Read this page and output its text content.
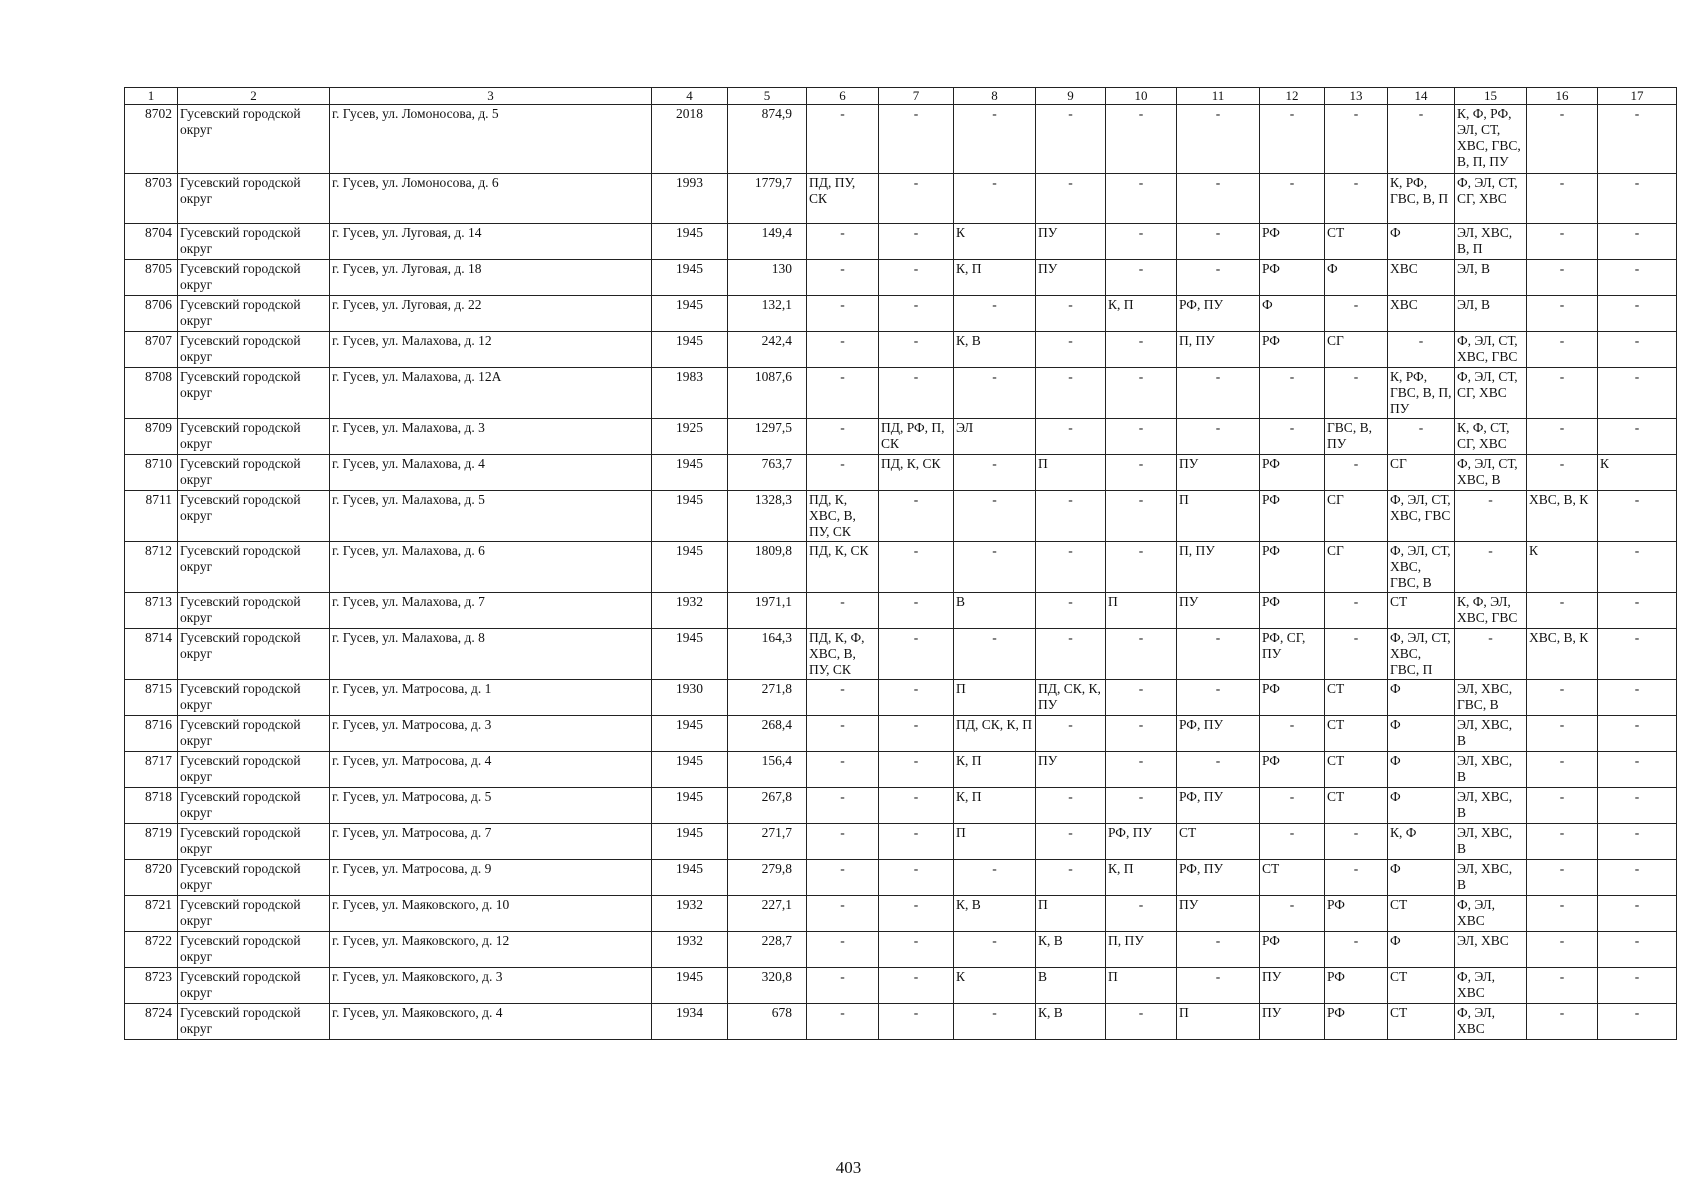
1	2	3	4	5	6	7	8	9	10	11	12	13	14	15	16	17
8702	Гусевский городской округ	г. Гусев, ул. Ломоносова, д. 5	2018	874,9	-	-	-	-	-	-	-	-	-	К, Ф, РФ, ЭЛ, СТ, ХВС, ГВС, В, П, ПУ	-	-
8703	Гусевский городской округ	г. Гусев, ул. Ломоносова, д. 6	1993	1779,7	ПД, ПУ, СК	-	-	-	-	-	-	-	К, РФ, ГВС, В, П	Ф, ЭЛ, СТ, СГ, ХВС	-	-
8704	Гусевский городской округ	г. Гусев, ул. Луговая, д. 14	1945	149,4	-	-	К	ПУ	-	-	РФ	СТ	Ф	ЭЛ, ХВС, В, П	-	-
8705	Гусевский городской округ	г. Гусев, ул. Луговая, д. 18	1945	130	-	-	К, П	ПУ	-	-	РФ	Ф	ХВС	ЭЛ, В	-	-
8706	Гусевский городской округ	г. Гусев, ул. Луговая, д. 22	1945	132,1	-	-	-	-	К, П	РФ, ПУ	Ф	-	ХВС	ЭЛ, В	-	-
8707	Гусевский городской округ	г. Гусев, ул. Малахова, д. 12	1945	242,4	-	-	К, В	-	-	П, ПУ	РФ	СГ	-	Ф, ЭЛ, СТ, ХВС, ГВС	-	-
8708	Гусевский городской округ	г. Гусев, ул. Малахова, д. 12А	1983	1087,6	-	-	-	-	-	-	-	-	К, РФ, ГВС, В, П, ПУ	Ф, ЭЛ, СТ, СГ, ХВС	-	-
8709	Гусевский городской округ	г. Гусев, ул. Малахова, д. 3	1925	1297,5	-	ПД, РФ, П, СК	ЭЛ	-	-	-	-	ГВС, В, ПУ	-	К, Ф, СТ, СГ, ХВС	-	-
8710	Гусевский городской округ	г. Гусев, ул. Малахова, д. 4	1945	763,7	-	ПД, К, СК	-	П	-	ПУ	РФ	-	СГ	Ф, ЭЛ, СТ, ХВС, В	-	К
8711	Гусевский городской округ	г. Гусев, ул. Малахова, д. 5	1945	1328,3	ПД, К, ХВС, В, ПУ, СК	-	-	-	-	П	РФ	СГ	Ф, ЭЛ, СТ, ХВС, ГВС	-	ХВС, В, К	-
8712	Гусевский городской округ	г. Гусев, ул. Малахова, д. 6	1945	1809,8	ПД, К, СК	-	-	-	-	П, ПУ	РФ	СГ	Ф, ЭЛ, СТ, ХВС, ГВС, В	-	К	-
8713	Гусевский городской округ	г. Гусев, ул. Малахова, д. 7	1932	1971,1	-	-	В	-	П	ПУ	РФ	-	СТ	К, Ф, ЭЛ, ХВС, ГВС	-	-
8714	Гусевский городской округ	г. Гусев, ул. Малахова, д. 8	1945	164,3	ПД, К, Ф, ХВС, В, ПУ, СК	-	-	-	-	-	РФ, СГ, ПУ	-	Ф, ЭЛ, СТ, ХВС, ГВС, П	-	ХВС, В, К	-
8715	Гусевский городской округ	г. Гусев, ул. Матросова, д. 1	1930	271,8	-	-	П	ПД, СК, К, ПУ	-	-	РФ	СТ	Ф	ЭЛ, ХВС, ГВС, В	-	-
8716	Гусевский городской округ	г. Гусев, ул. Матросова, д. 3	1945	268,4	-	-	ПД, СК, К, П	-	-	РФ, ПУ	-	СТ	Ф	ЭЛ, ХВС, В	-	-
8717	Гусевский городской округ	г. Гусев, ул. Матросова, д. 4	1945	156,4	-	-	К, П	ПУ	-	-	РФ	СТ	Ф	ЭЛ, ХВС, В	-	-
8718	Гусевский городской округ	г. Гусев, ул. Матросова, д. 5	1945	267,8	-	-	К, П	-	-	РФ, ПУ	-	СТ	Ф	ЭЛ, ХВС, В	-	-
8719	Гусевский городской округ	г. Гусев, ул. Матросова, д. 7	1945	271,7	-	-	П	-	РФ, ПУ	СТ	-	-	К, Ф	ЭЛ, ХВС, В	-	-
8720	Гусевский городской округ	г. Гусев, ул. Матросова, д. 9	1945	279,8	-	-	-	-	К, П	РФ, ПУ	СТ	-	Ф	ЭЛ, ХВС, В	-	-
8721	Гусевский городской округ	г. Гусев, ул. Маяковского, д. 10	1932	227,1	-	-	К, В	П	-	ПУ	-	РФ	СТ	Ф, ЭЛ, ХВС	-	-
8722	Гусевский городской округ	г. Гусев, ул. Маяковского, д. 12	1932	228,7	-	-	-	К, В	П, ПУ	-	РФ	-	Ф	ЭЛ, ХВС	-	-
8723	Гусевский городской округ	г. Гусев, ул. Маяковского, д. 3	1945	320,8	-	-	К	В	П	-	ПУ	РФ	СТ	Ф, ЭЛ, ХВС	-	-
8724	Гусевский городской округ	г. Гусев, ул. Маяковского, д. 4	1934	678	-	-	-	К, В	-	П	ПУ	РФ	СТ	Ф, ЭЛ, ХВС	-	-
403
